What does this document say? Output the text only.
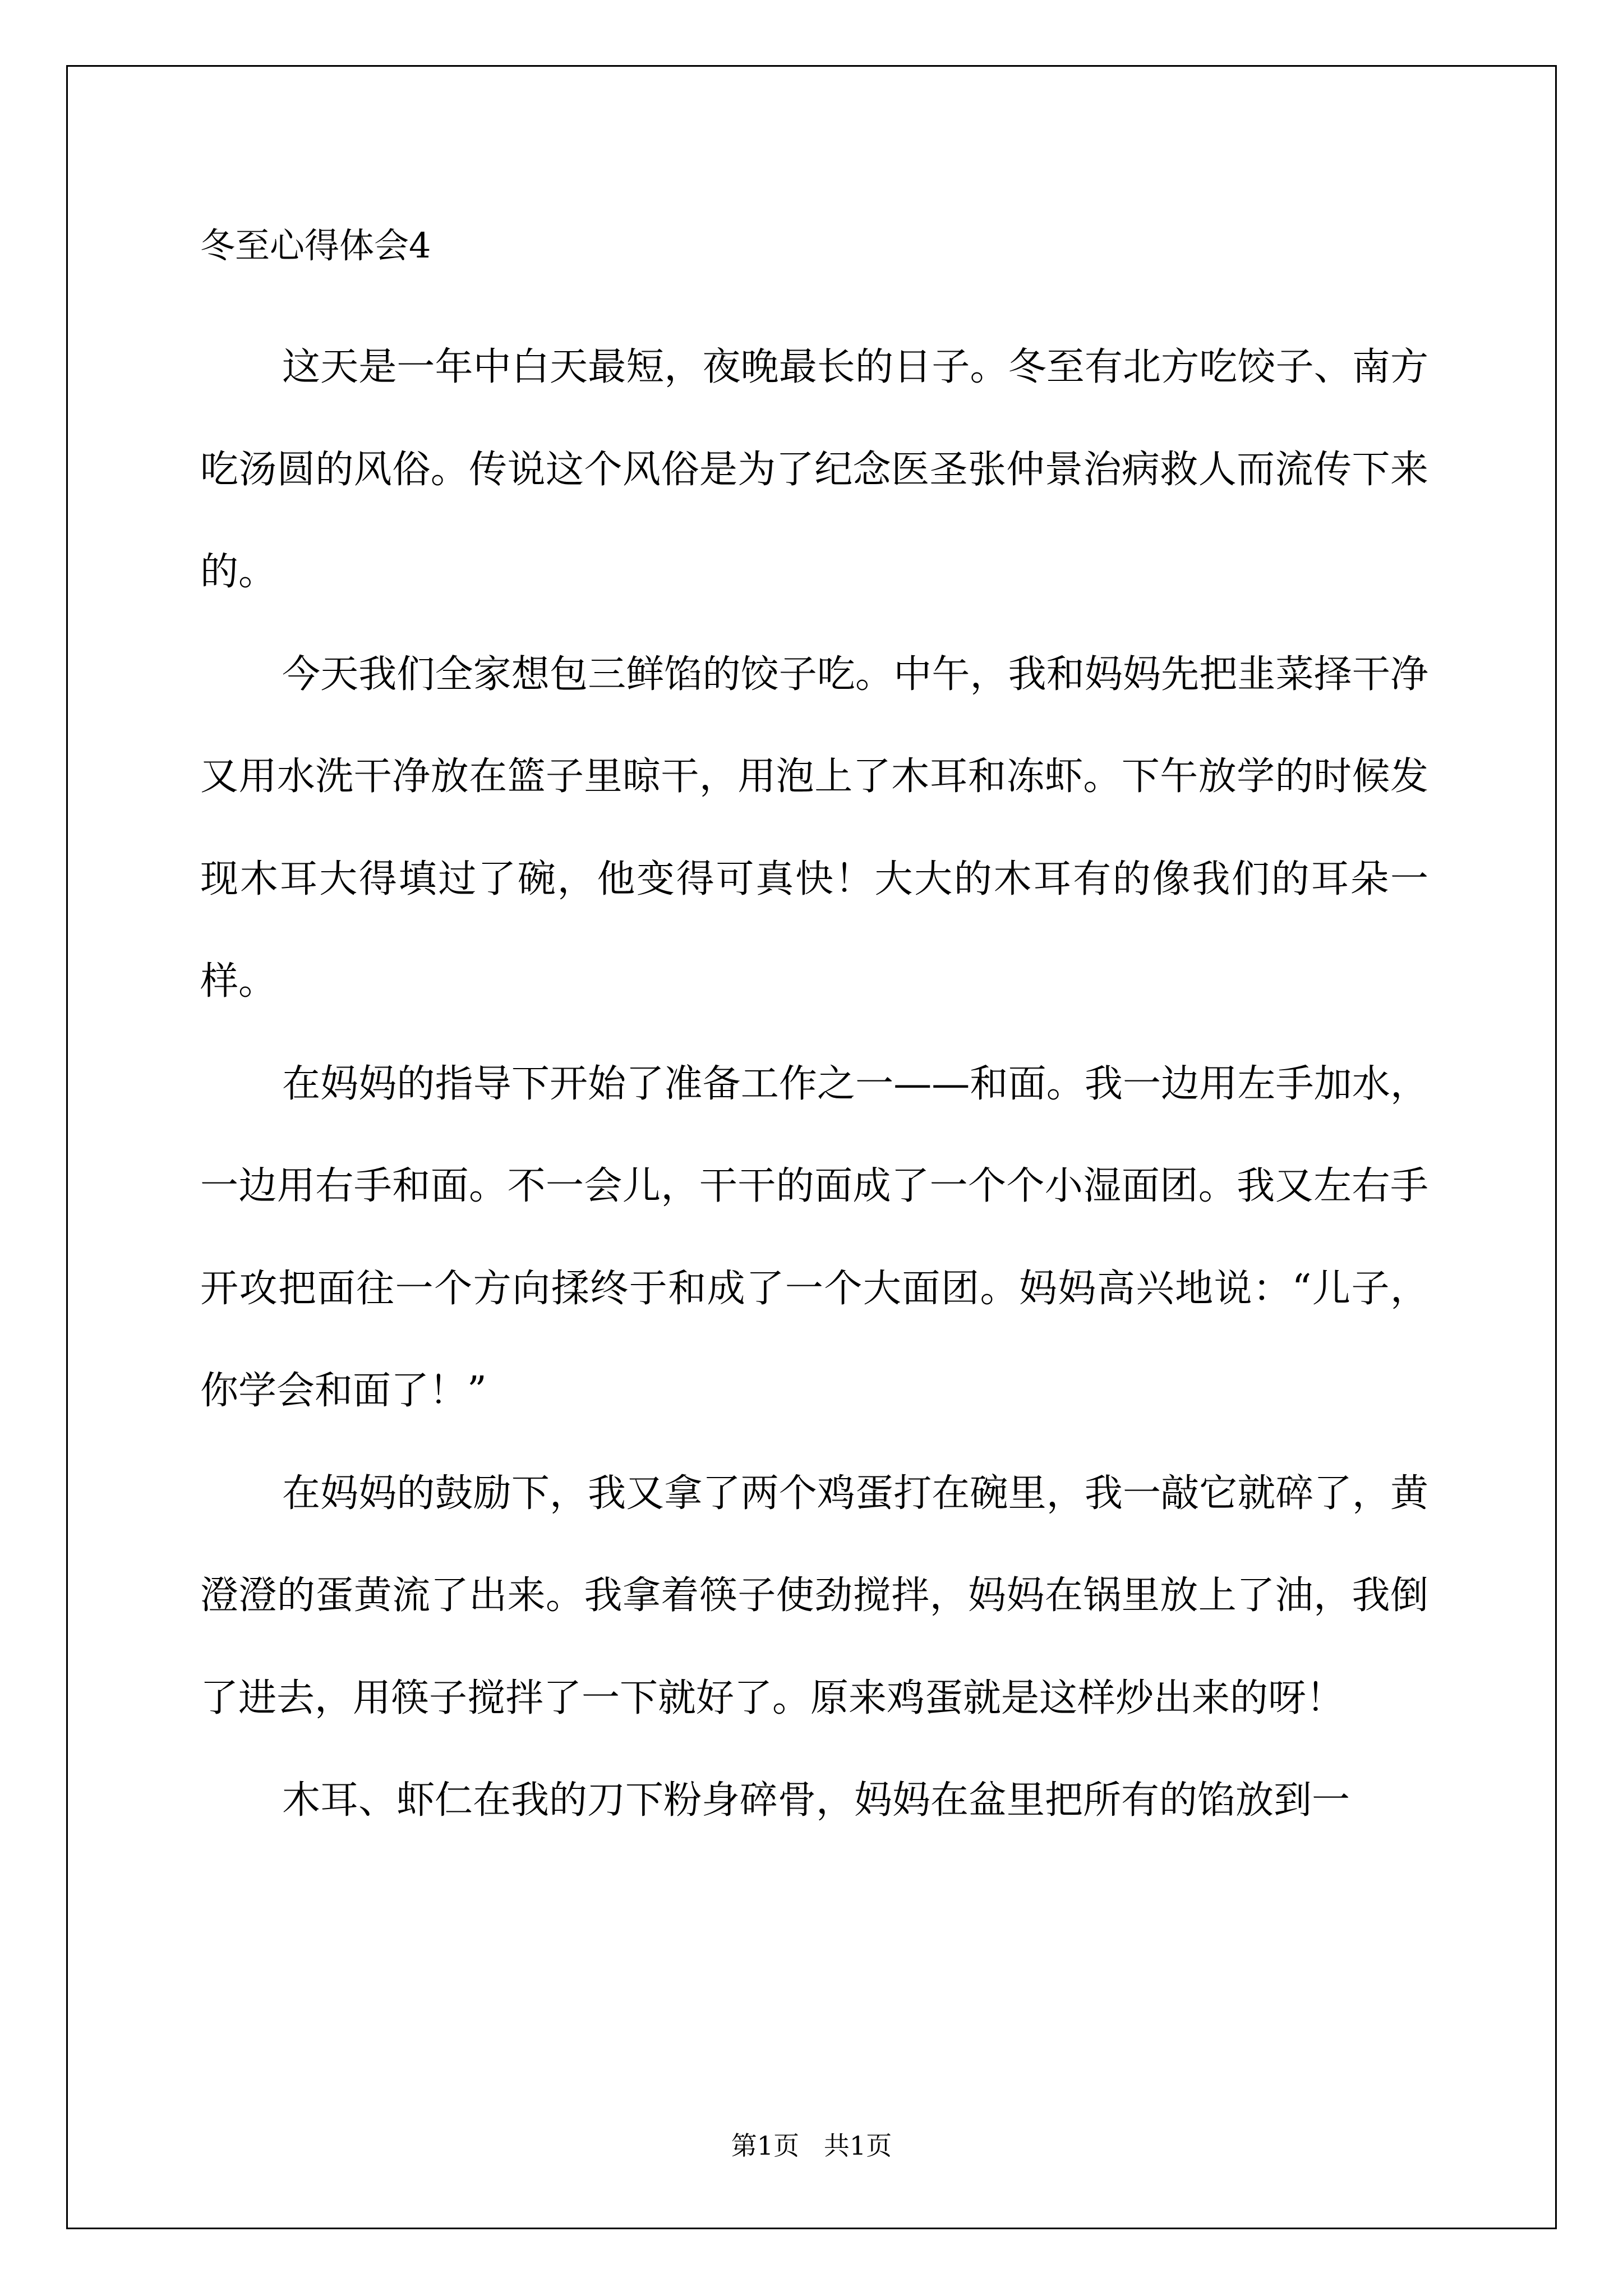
冬至心得体会4

这天是一年中白天最短，夜晚最长的日子。冬至有北方吃饺子、南方吃汤圆的风俗。传说这个风俗是为了纪念医圣张仲景治病救人而流传下来的。

今天我们全家想包三鲜馅的饺子吃。中午，我和妈妈先把韭菜择干净又用水洗干净放在篮子里晾干，用泡上了木耳和冻虾。下午放学的时候发现木耳大得填过了碗，他变得可真快！大大的木耳有的像我们的耳朵一样。

在妈妈的指导下开始了准备工作之一——和面。我一边用左手加水，一边用右手和面。不一会儿，干干的面成了一个个小湿面团。我又左右手开攻把面往一个方向揉终于和成了一个大面团。妈妈高兴地说：“儿子，你学会和面了！”

在妈妈的鼓励下，我又拿了两个鸡蛋打在碗里，我一敲它就碎了，黄澄澄的蛋黄流了出来。我拿着筷子使劲搅拌，妈妈在锅里放上了油，我倒了进去，用筷子搅拌了一下就好了。原来鸡蛋就是这样炒出来的呀！

木耳、虾仁在我的刀下粉身碎骨，妈妈在盆里把所有的馅放到一

第1页   共1页
